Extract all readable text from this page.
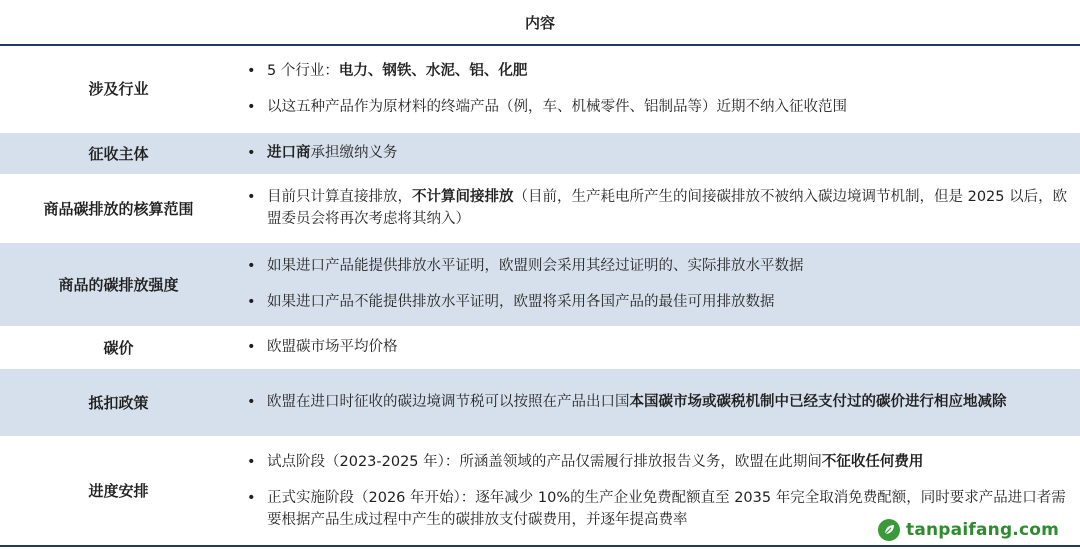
内容
涉及行业	• 5 个行业：电力、钢铁、水泥、铝、化肥
• 以这五种产品作为原材料的终端产品（例，车、机械零件、铝制品等）近期不纳入征收范围

征收主体	• 进口商承担缴纳义务

商品碳排放的核算范围	• 目前只计算直接排放，不计算间接排放（目前，生产耗电所产生的间接碳排放不被纳入碳边境调节机制，但是 2025 以后，欧盟委员会将再次考虑将其纳入）

商品的碳排放强度	• 如果进口产品能提供排放水平证明，欧盟则会采用其经过证明的、实际排放水平数据
• 如果进口产品不能提供排放水平证明，欧盟将采用各国产品的最佳可用排放数据

碳价	• 欧盟碳市场平均价格

抵扣政策	• 欧盟在进口时征收的碳边境调节税可以按照在产品出口国本国碳市场或碳税机制中已经支付过的碳价进行相应地减除

进度安排	• 试点阶段（2023-2025 年）：所涵盖领域的产品仅需履行排放报告义务，欧盟在此期间不征收任何费用
• 正式实施阶段（2026 年开始）：逐年减少 10%的生产企业免费配额直至 2035 年完全取消免费配额，同时要求产品进口者需要根据产品生成过程中产生的碳排放支付碳费用，并逐年提高费率
tanpaifang.com
